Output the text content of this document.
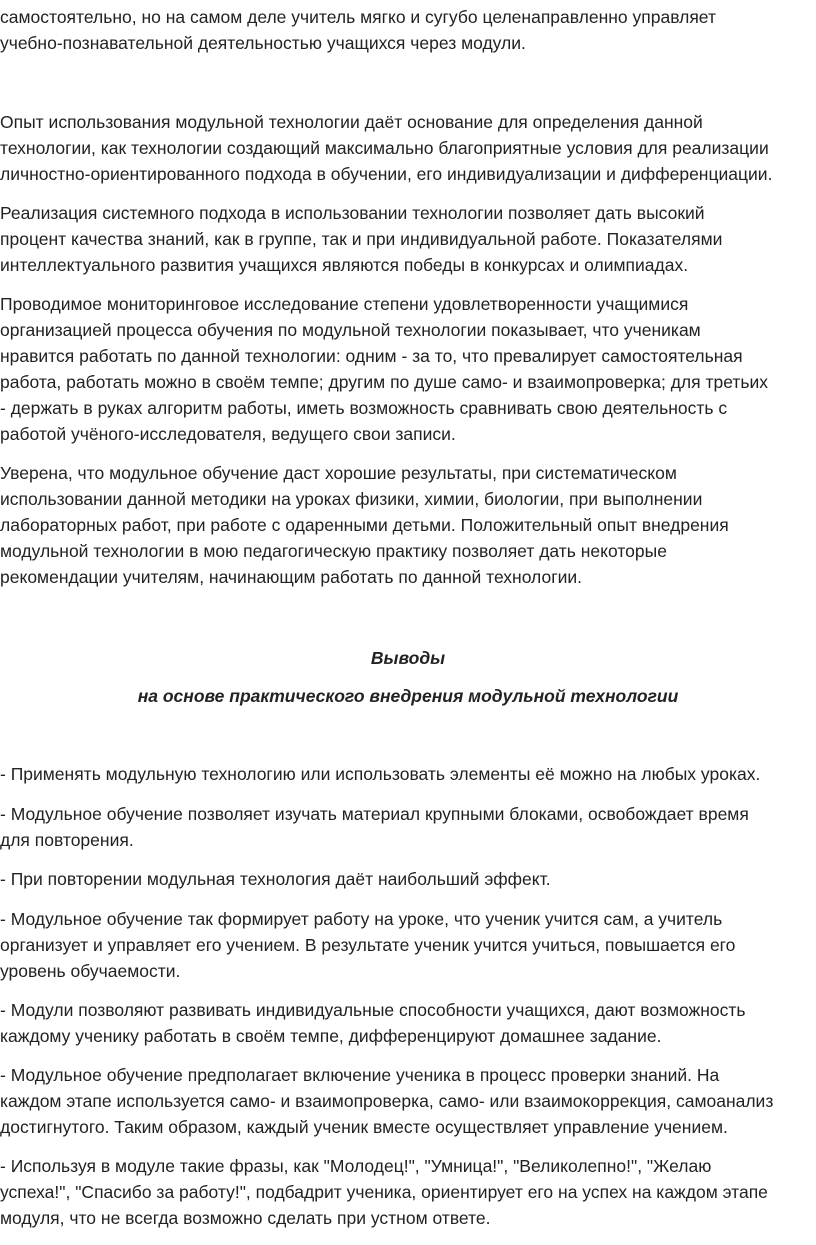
самостоятельно, но на самом деле учитель мягко и сугубо целенаправленно управляет
учебно-познавательной деятельностью учащихся через модули.
Опыт использования модульной технологии даёт основание для определения данной
технологии, как технологии создающий максимально благоприятные условия для реализации
личностно-ориентированного подхода в обучении, его индивидуализации и дифференциации.
Реализация системного подхода в использовании технологии позволяет дать высокий
процент качества знаний, как в группе, так и при индивидуальной работе. Показателями
интеллектуального развития учащихся являются победы в конкурсах и олимпиадах.
Проводимое мониторинговое исследование степени удовлетворенности учащимися
организацией процесса обучения по модульной технологии показывает, что ученикам
нравится работать по данной технологии: одним - за то, что превалирует самостоятельная
работа, работать можно в своём темпе; другим по душе само- и взаимопроверка; для третьих
- держать в руках алгоритм работы, иметь возможность сравнивать свою деятельность с
работой учёного-исследователя, ведущего свои записи.
Уверена, что модульное обучение даст хорошие результаты, при систематическом
использовании данной методики на уроках физики, химии, биологии, при выполнении
лабораторных работ, при работе с одаренными детьми. Положительный опыт внедрения
модульной технологии в мою педагогическую практику позволяет дать некоторые
рекомендации учителям, начинающим работать по данной технологии.
Выводы
на основе практического внедрения модульной технологии
- Применять модульную технологию или использовать элементы её можно на любых уроках.
- Модульное обучение позволяет изучать материал крупными блоками, освобождает время
для повторения.
- При повторении модульная технология даёт наибольший эффект.
- Модульное обучение так формирует работу на уроке, что ученик учится сам, а учитель
организует и управляет его учением. В результате ученик учится учиться, повышается его
уровень обучаемости.
- Модули позволяют развивать индивидуальные способности учащихся, дают возможность
каждому ученику работать в своём темпе, дифференцируют домашнее задание.
- Модульное обучение предполагает включение ученика в процесс проверки знаний. На
каждом этапе используется само- и взаимопроверка, само- или взаимокоррекция, самоанализ
достигнутого. Таким образом, каждый ученик вместе осуществляет управление учением.
- Используя в модуле такие фразы, как "Молодец!", "Умница!", "Великолепно!", "Желаю
успеха!", "Спасибо за работу!", подбадрит ученика, ориентирует его на успех на каждом этапе
модуля, что не всегда возможно сделать при устном ответе.
